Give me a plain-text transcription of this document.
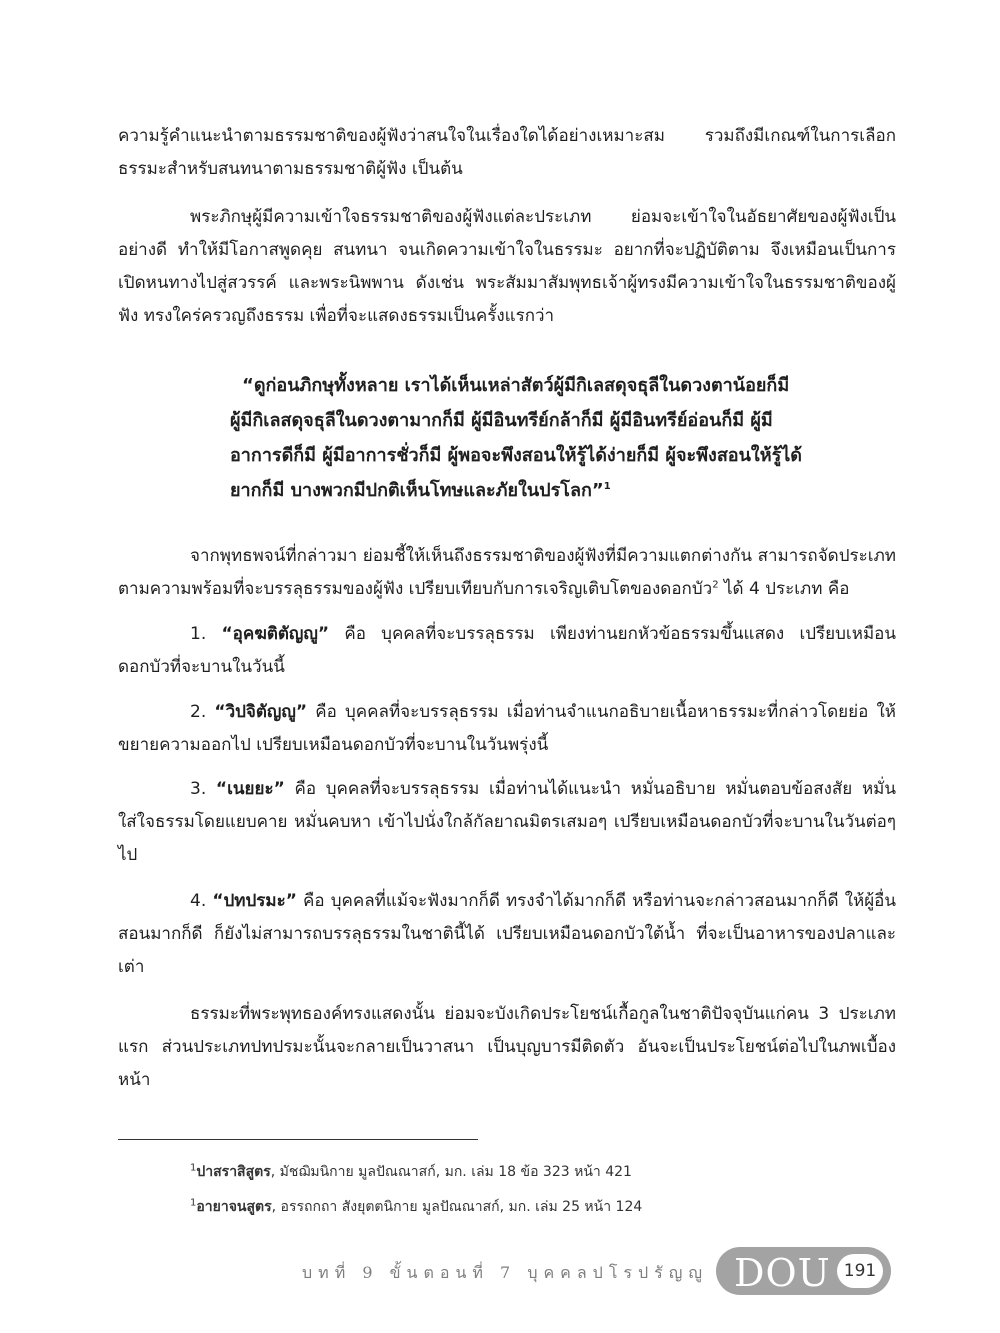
ความรู้คำแนะนำตามธรรมชาติของผู้ฟังว่าสนใจในเรื่องใดได้อย่างเหมาะสม รวมถึงมีเกณฑ์ในการเลือกธรรมะสำหรับสนทนาตามธรรมชาติผู้ฟัง เป็นต้น

พระภิกษุผู้มีความเข้าใจธรรมชาติของผู้ฟังแต่ละประเภท ย่อมจะเข้าใจในอัธยาศัยของผู้ฟังเป็นอย่างดี ทำให้มีโอกาสพูดคุย สนทนา จนเกิดความเข้าใจในธรรมะ อยากที่จะปฏิบัติตาม จึงเหมือนเป็นการเปิดหนทางไปสู่สวรรค์ และพระนิพพาน ดังเช่น พระสัมมาสัมพุทธเจ้าผู้ทรงมีความเข้าใจในธรรมชาติของผู้ฟัง ทรงใคร่ครวญถึงธรรม เพื่อที่จะแสดงธรรมเป็นครั้งแรกว่า

“ดูก่อนภิกษุทั้งหลาย เราได้เห็นเหล่าสัตว์ผู้มีกิเลสดุจธุลีในดวงตาน้อยก็มี ผู้มีกิเลสดุจธุลีในดวงตามากก็มี ผู้มีอินทรีย์กล้าก็มี ผู้มีอินทรีย์อ่อนก็มี ผู้มีอาการดีก็มี ผู้มีอาการชั่วก็มี ผู้พอจะพึงสอนให้รู้ได้ง่ายก็มี ผู้จะพึงสอนให้รู้ได้ยากก็มี บางพวกมีปกติเห็นโทษและภัยในปรโลก”$^1$

จากพุทธพจน์ที่กล่าวมา ย่อมชี้ให้เห็นถึงธรรมชาติของผู้ฟังที่มีความแตกต่างกัน สามารถจัดประเภทตามความพร้อมที่จะบรรลุธรรมของผู้ฟัง เปรียบเทียบกับการเจริญเติบโตของดอกบัว$^2$ ได้ 4 ประเภท คือ

1. “อุคฆติตัญญู” คือ บุคคลที่จะบรรลุธรรม เพียงท่านยกหัวข้อธรรมขึ้นแสดง เปรียบเหมือนดอกบัวที่จะบานในวันนี้

2. “วิปจิตัญญู” คือ บุคคลที่จะบรรลุธรรม เมื่อท่านจำแนกอธิบายเนื้อหาธรรมะที่กล่าวโดยย่อ ให้ขยายความออกไป เปรียบเหมือนดอกบัวที่จะบานในวันพรุ่งนี้

3. “เนยยะ” คือ บุคคลที่จะบรรลุธรรม เมื่อท่านได้แนะนำ หมั่นอธิบาย หมั่นตอบข้อสงสัย หมั่นใส่ใจธรรมโดยแยบคาย หมั่นคบหา เข้าไปนั่งใกล้กัลยาณมิตรเสมอๆ เปรียบเหมือนดอกบัวที่จะบานในวันต่อๆ ไป

4. “ปทปรมะ” คือ บุคคลที่แม้จะฟังมากก็ดี ทรงจำได้มากก็ดี หรือท่านจะกล่าวสอนมากก็ดี ให้ผู้อื่นสอนมากก็ดี ก็ยังไม่สามารถบรรลุธรรมในชาตินี้ได้ เปรียบเหมือนดอกบัวใต้น้ำ ที่จะเป็นอาหารของปลาและเต่า

ธรรมะที่พระพุทธองค์ทรงแสดงนั้น ย่อมจะบังเกิดประโยชน์เกื้อกูลในชาติปัจจุบันแก่คน 3 ประเภทแรก ส่วนประเภทปทปรมะนั้นจะกลายเป็นวาสนา เป็นบุญบารมีติดตัว อันจะเป็นประโยชน์ต่อไปในภพเบื้องหน้า

$^1$ปาสราสิสูตร, มัชฌิมนิกาย มูลปัณณาสก์, มก. เล่ม 18 ข้อ 323 หน้า 421
$^1$อายาจนสูตร, อรรถกถา สังยุตตนิกาย มูลปัณณาสก์, มก. เล่ม 25 หน้า 124
บทที่ 9 ขั้นตอนที่ 7 บุคคลปโรปรัญญู DOU 191
